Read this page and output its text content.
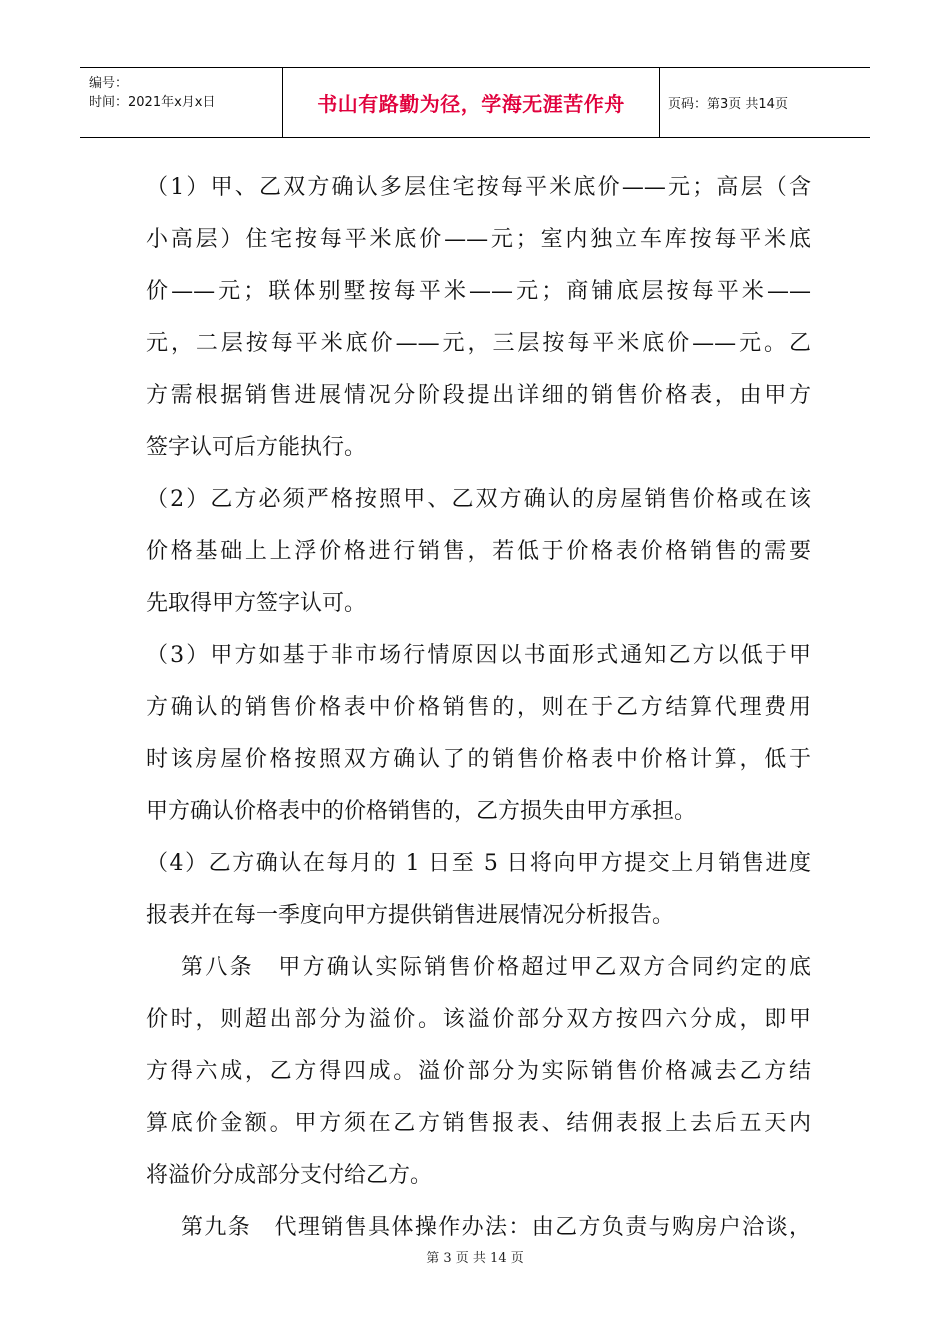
编号：
时间：2021年x月x日	书山有路勤为径，学海无涯苦作舟	页码：第3页 共14页
（1）甲、乙双方确认多层住宅按每平米底价——元；高层（含
小高层）住宅按每平米底价——元；室内独立车库按每平米底
价——元；联体别墅按每平米——元；商铺底层按每平米——
元，二层按每平米底价——元，三层按每平米底价——元。乙
方需根据销售进展情况分阶段提出详细的销售价格表，由甲方
签字认可后方能执行。
（2）乙方必须严格按照甲、乙双方确认的房屋销售价格或在该
价格基础上上浮价格进行销售，若低于价格表价格销售的需要
先取得甲方签字认可。
（3）甲方如基于非市场行情原因以书面形式通知乙方以低于甲
方确认的销售价格表中价格销售的，则在于乙方结算代理费用
时该房屋价格按照双方确认了的销售价格表中价格计算，低于
甲方确认价格表中的价格销售的，乙方损失由甲方承担。
（4）乙方确认在每月的 1 日至 5 日将向甲方提交上月销售进度
报表并在每一季度向甲方提供销售进展情况分析报告。
第八条　甲方确认实际销售价格超过甲乙双方合同约定的底
价时，则超出部分为溢价。该溢价部分双方按四六分成，即甲
方得六成，乙方得四成。溢价部分为实际销售价格减去乙方结
算底价金额。甲方须在乙方销售报表、结佣表报上去后五天内
将溢价分成部分支付给乙方。
第九条　代理销售具体操作办法：由乙方负责与购房户洽谈，
第 3 页 共 14 页
